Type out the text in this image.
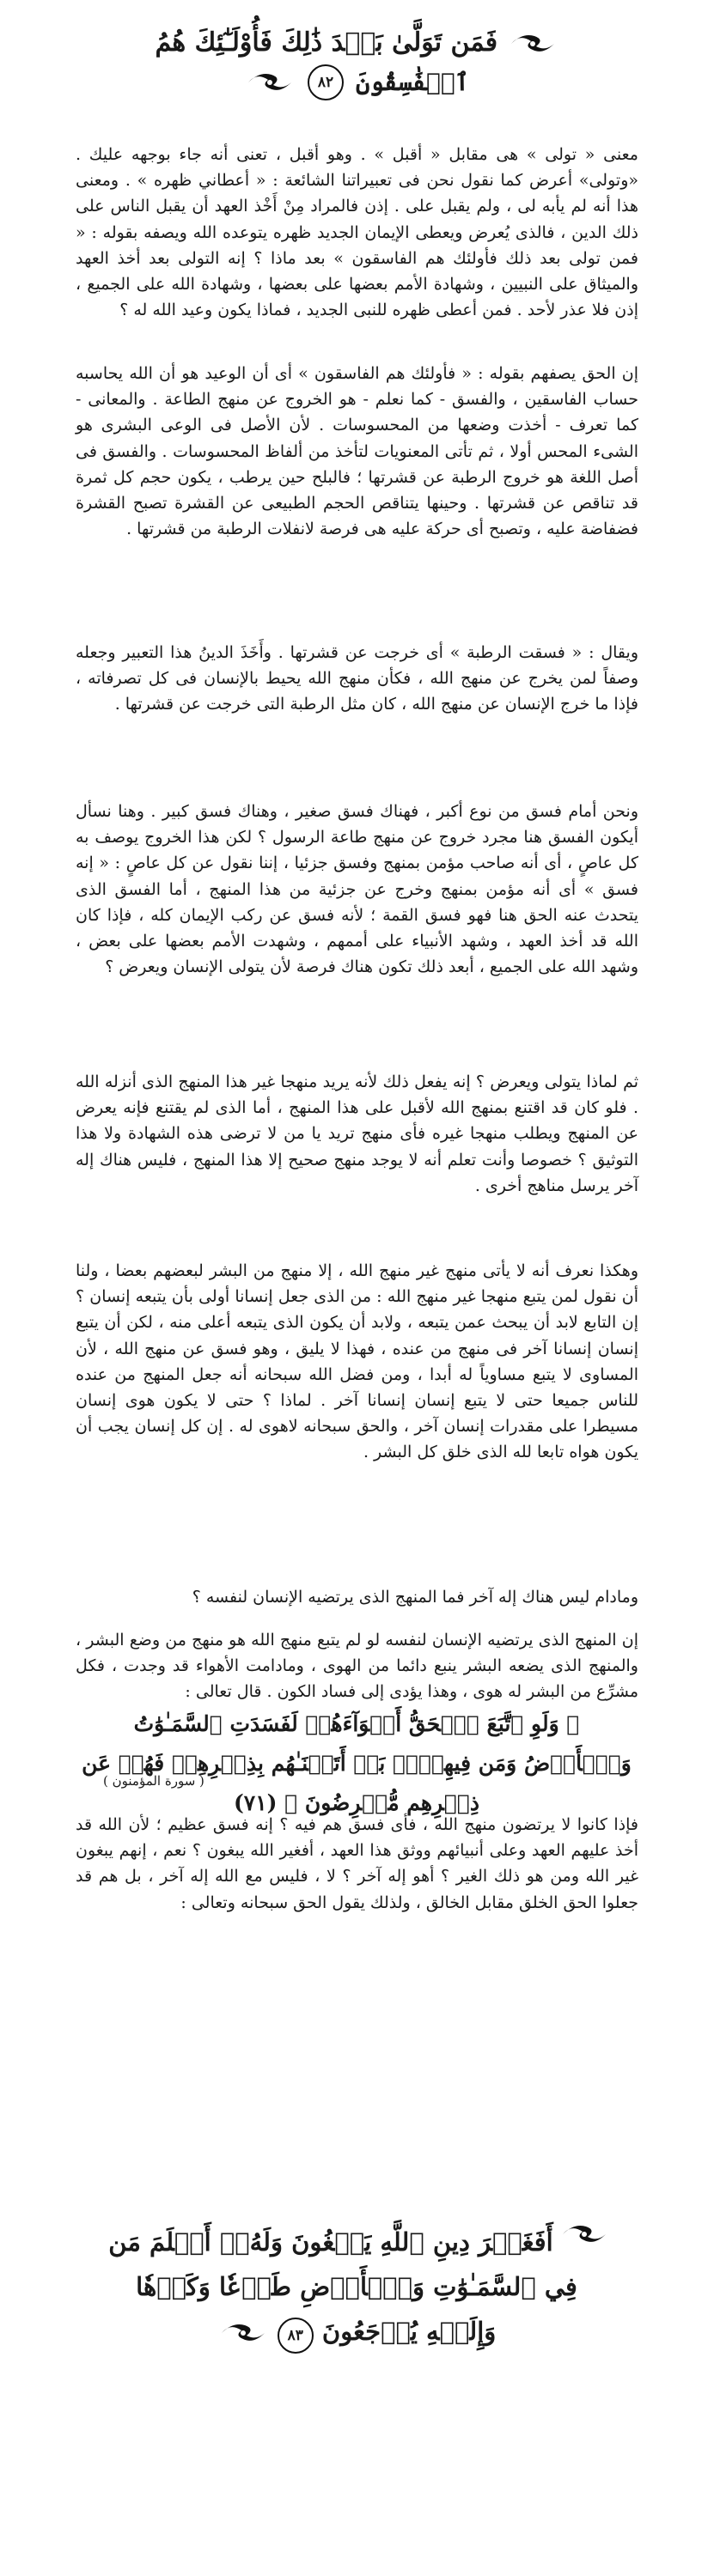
فَمَن تَوَلَّىٰ بَعۡدَ ذَٰلِكَ فَأُوْلَـٰٓئِكَ هُمُ
ٱلۡفَٰسِقُونَ
٨٢
معنى « تولى » هى مقابل « أقبل » . وهو أقبل ، تعنى أنه جاء بوجهه عليك . «وتولى» أعرض كما نقول نحن فى تعبيراتنا الشائعة : « أعطاني ظهره » . ومعنى هذا أنه لم يأبه لى ، ولم يقبل على . إذن فالمراد مِنْ أَخْذ العهد أن يقبل الناس على ذلك الدين ، فالذى يُعرض ويعطى الإيمان الجديد ظهره يتوعده الله ويصفه بقوله : « فمن تولى بعد ذلك فأولئك هم الفاسقون » بعد ماذا ؟ إنه التولى بعد أخذ العهد والميثاق على النبيين ، وشهادة الأمم بعضها على بعضها ، وشهادة الله على الجميع ، إذن فلا عذر لأحد . فمن أعطى ظهره للنبى الجديد ، فماذا يكون وعيد الله له ؟
إن الحق يصفهم بقوله : « فأولئك هم الفاسقون » أى أن الوعيد هو أن الله يحاسبه حساب الفاسقين ، والفسق - كما نعلم - هو الخروج عن منهج الطاعة . والمعانى - كما تعرف - أخذت وضعها من المحسوسات . لأن الأصل فى الوعى البشرى هو الشىء المحس أولا ، ثم تأتى المعنويات لتأخذ من ألفاظ المحسوسات . والفسق فى أصل اللغة هو خروج الرطبة عن قشرتها ؛ فالبلح حين يرطب ، يكون حجم كل ثمرة قد تناقص عن قشرتها . وحينها يتناقص الحجم الطبيعى عن القشرة تصبح القشرة فضفاضة عليه ، وتصبح أى حركة عليه هى فرصة لانفلات الرطبة من قشرتها .
ويقال : « فسقت الرطبة » أى خرجت عن قشرتها . وأَخَذَ الدينُ هذا التعبير وجعله وصفاً لمن يخرج عن منهج الله ، فكأن منهج الله يحيط بالإنسان فى كل تصرفاته ، فإذا ما خرج الإنسان عن منهج الله ، كان مثل الرطبة التى خرجت عن قشرتها .
ونحن أمام فسق من نوع أكبر ، فهناك فسق صغير ، وهناك فسق كبير . وهنا نسأل أيكون الفسق هنا مجرد خروج عن منهج طاعة الرسول ؟ لكن هذا الخروج يوصف به كل عاصٍ ، أى أنه صاحب مؤمن بمنهج وفسق جزئيا ، إننا نقول عن كل عاصٍ : « إنه فسق » أى أنه مؤمن بمنهج وخرج عن جزئية من هذا المنهج ، أما الفسق الذى يتحدث عنه الحق هنا فهو فسق القمة ؛ لأنه فسق عن ركب الإيمان كله ، فإذا كان الله قد أخذ العهد ، وشهد الأنبياء على أممهم ، وشهدت الأمم بعضها على بعض ، وشهد الله على الجميع ، أبعد ذلك تكون هناك فرصة لأن يتولى الإنسان ويعرض ؟
ثم لماذا يتولى ويعرض ؟ إنه يفعل ذلك لأنه يريد منهجا غير هذا المنهج الذى أنزله الله . فلو كان قد اقتنع بمنهج الله لأقبل على هذا المنهج ، أما الذى لم يقتنع فإنه يعرض عن المنهج ويطلب منهجا غيره فأى منهج تريد يا من لا ترضى هذه الشهادة ولا هذا التوثيق ؟ خصوصا وأنت تعلم أنه لا يوجد منهج صحيح إلا هذا المنهج ، فليس هناك إله آخر يرسل مناهج أخرى .
وهكذا نعرف أنه لا يأتى منهج غير منهج الله ، إلا منهج من البشر لبعضهم بعضا ، ولنا أن نقول لمن يتبع منهجا غير منهج الله : من الذى جعل إنسانا أولى بأن يتبعه إنسان ؟ إن التابع لابد أن يبحث عمن يتبعه ، ولابد أن يكون الذى يتبعه أعلى منه ، لكن أن يتبع إنسان إنسانا آخر فى منهج من عنده ، فهذا لا يليق ، وهو فسق عن منهج الله ، لأن المساوى لا يتبع مساوياً له أبدا ، ومن فضل الله سبحانه أنه جعل المنهج من عنده للناس جميعا حتى لا يتبع إنسان إنسانا آخر . لماذا ؟ حتى لا يكون هوى إنسان مسيطرا على مقدرات إنسان آخر ، والحق سبحانه لاهوى له . إن كل إنسان يجب أن يكون هواه تابعا لله الذى خلق كل البشر .
ومادام ليس هناك إله آخر فما المنهج الذى يرتضيه الإنسان لنفسه ؟
إن المنهج الذى يرتضيه الإنسان لنفسه لو لم يتبع منهج الله هو منهج من وضع البشر ، والمنهج الذى يضعه البشر ينبع دائما من الهوى ، ومادامت الأهواء قد وجدت ، فكل مشرِّع من البشر له هوى ، وهذا يؤدى إلى فساد الكون . قال تعالى :
﴿ وَلَوِ ٱتَّبَعَ ٱلۡحَقُّ أَهۡوَآءَهُمۡ لَفَسَدَتِ ٱلسَّمَـٰوَٰتُ وَٱلۡأَرۡضُ وَمَن فِيهِنَّۚ بَلۡ أَتَيۡنَـٰهُم بِذِكۡرِهِمۡ فَهُمۡ عَن ذِكۡرِهِم مُّعۡرِضُونَ ﴾ (٧١)
( سورة المؤمنون )
فإذا كانوا لا يرتضون منهج الله ، فأى فسق هم فيه ؟ إنه فسق عظيم ؛ لأن الله قد أخذ عليهم العهد وعلى أنبيائهم ووثق هذا العهد ، أفغير الله يبغون ؟ نعم ، إنهم يبغون غير الله ومن هو ذلك الغير ؟ أهو إله آخر ؟ لا ، فليس مع الله إله آخر ، بل هم قد جعلوا الحق الخلق مقابل الخالق ، ولذلك يقول الحق سبحانه وتعالى :
أَفَغَيۡرَ دِينِ ٱللَّهِ يَبۡغُونَ وَلَهُۥٓ أَسۡلَمَ مَن فِي ٱلسَّمَـٰوَٰتِ وَٱلۡأَرۡضِ طَوۡعٗا وَكَرۡهٗا وَإِلَيۡهِ يُرۡجَعُونَ ٨٣
